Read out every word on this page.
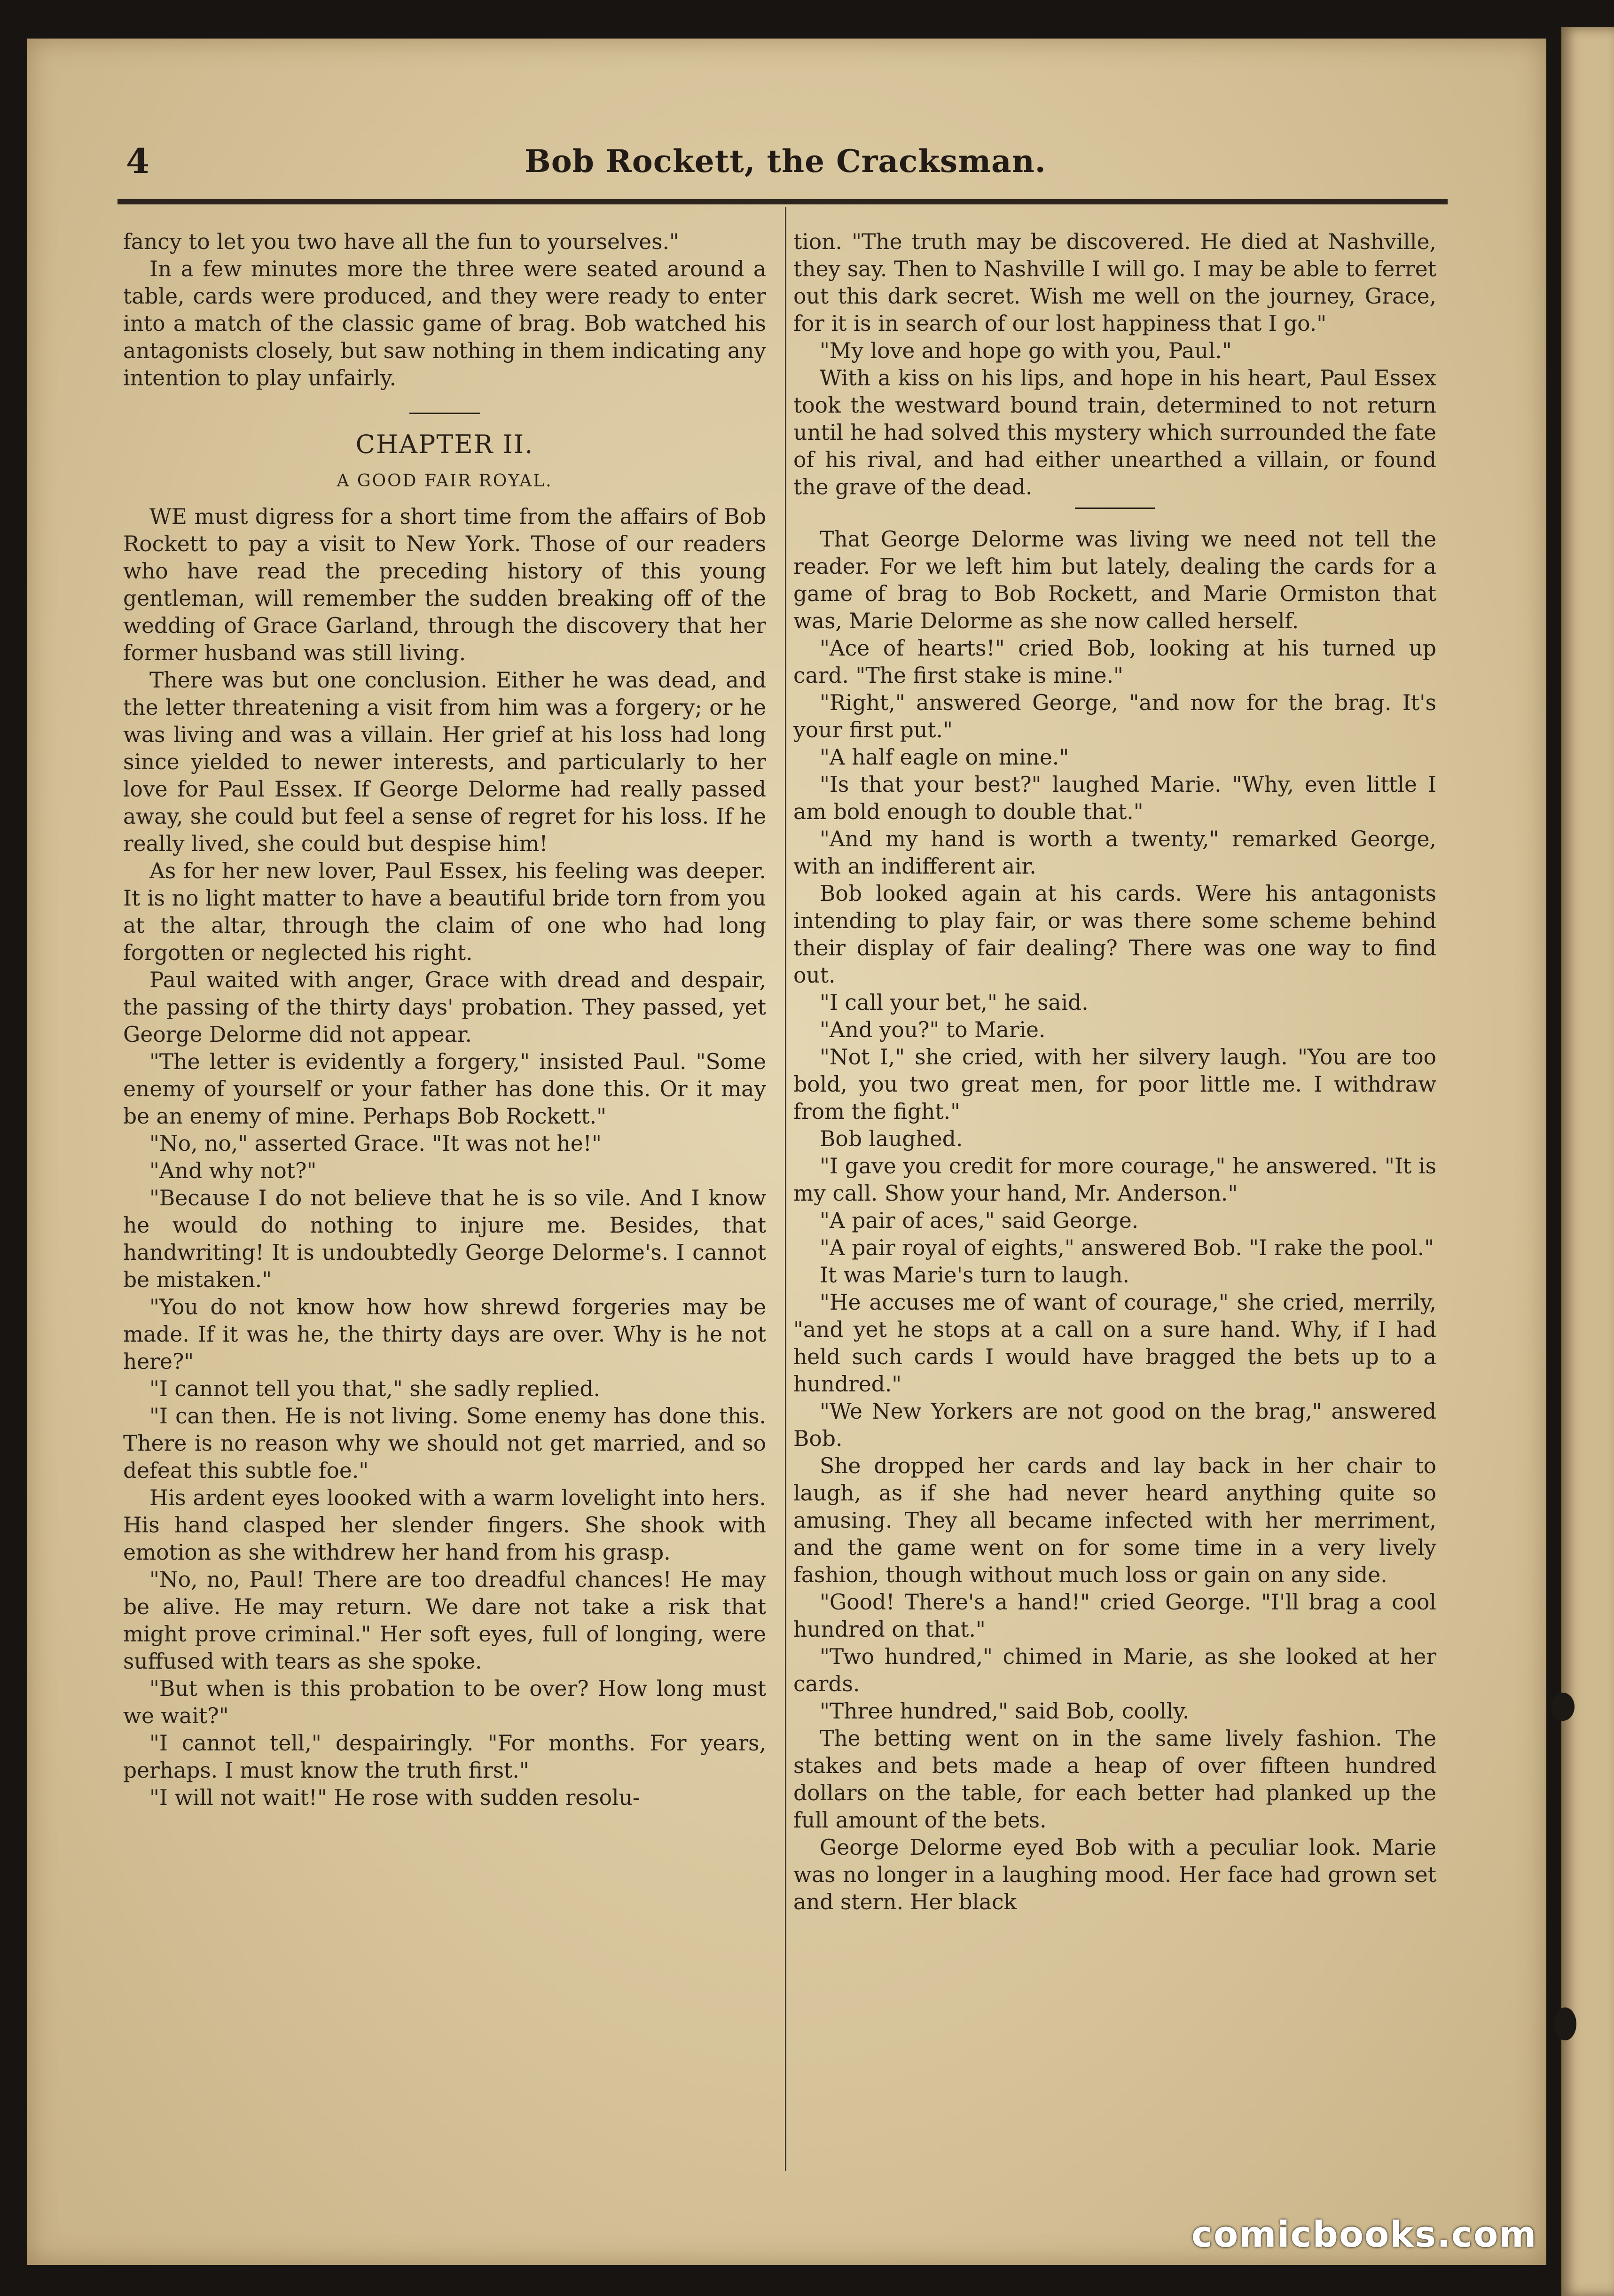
4	Bob Rockett, the Cracksman.

fancy to let you two have all the fun to yourselves."

In a few minutes more the three were seated around a table, cards were produced, and they were ready to enter into a match of the classic game of brag. Bob watched his antagonists closely, but saw nothing in them indicating any intention to play unfairly.

CHAPTER II.
A GOOD FAIR ROYAL.

WE must digress for a short time from the affairs of Bob Rockett to pay a visit to New York. Those of our readers who have read the preceding history of this young gentleman, will remember the sudden breaking off of the wedding of Grace Garland, through the discovery that her former husband was still living.

There was but one conclusion. Either he was dead, and the letter threatening a visit from him was a forgery; or he was living and was a villain. Her grief at his loss had long since yielded to newer interests, and particularly to her love for Paul Essex. If George Delorme had really passed away, she could but feel a sense of regret for his loss. If he really lived, she could but despise him!

As for her new lover, Paul Essex, his feeling was deeper. It is no light matter to have a beautiful bride torn from you at the altar, through the claim of one who had long forgotten or neglected his right.

Paul waited with anger, Grace with dread and despair, the passing of the thirty days' probation. They passed, yet George Delorme did not appear.

"The letter is evidently a forgery," insisted Paul. "Some enemy of yourself or your father has done this. Or it may be an enemy of mine. Perhaps Bob Rockett."

"No, no," asserted Grace. "It was not he!"

"And why not?"

"Because I do not believe that he is so vile. And I know he would do nothing to injure me. Besides, that handwriting! It is undoubtedly George Delorme's. I cannot be mistaken."

"You do not know how how shrewd forgeries may be made. If it was he, the thirty days are over. Why is he not here?"

"I cannot tell you that," she sadly replied.

"I can then. He is not living. Some enemy has done this. There is no reason why we should not get married, and so defeat this subtle foe."

His ardent eyes loooked with a warm lovelight into hers. His hand clasped her slender fingers. She shook with emotion as she withdrew her hand from his grasp.

"No, no, Paul! There are too dreadful chances! He may be alive. He may return. We dare not take a risk that might prove criminal." Her soft eyes, full of longing, were suffused with tears as she spoke.

"But when is this probation to be over? How long must we wait?"

"I cannot tell," despairingly. "For months. For years, perhaps. I must know the truth first."

"I will not wait!" He rose with sudden resolu-

tion. "The truth may be discovered. He died at Nashville, they say. Then to Nashville I will go. I may be able to ferret out this dark secret. Wish me well on the journey, Grace, for it is in search of our lost happiness that I go."

"My love and hope go with you, Paul."

With a kiss on his lips, and hope in his heart, Paul Essex took the westward bound train, determined to not return until he had solved this mystery which surrounded the fate of his rival, and had either unearthed a villain, or found the grave of the dead.

That George Delorme was living we need not tell the reader. For we left him but lately, dealing the cards for a game of brag to Bob Rockett, and Marie Ormiston that was, Marie Delorme as she now called herself.

"Ace of hearts!" cried Bob, looking at his turned up card. "The first stake is mine."

"Right," answered George, "and now for the brag. It's your first put."

"A half eagle on mine."

"Is that your best?" laughed Marie. "Why, even little I am bold enough to double that."

"And my hand is worth a twenty," remarked George, with an indifferent air.

Bob looked again at his cards. Were his antagonists intending to play fair, or was there some scheme behind their display of fair dealing? There was one way to find out.

"I call your bet," he said.

"And you?" to Marie.

"Not I," she cried, with her silvery laugh. "You are too bold, you two great men, for poor little me. I withdraw from the fight."

Bob laughed.

"I gave you credit for more courage," he answered. "It is my call. Show your hand, Mr. Anderson."

"A pair of aces," said George.

"A pair royal of eights," answered Bob. "I rake the pool."

It was Marie's turn to laugh.

"He accuses me of want of courage," she cried, merrily, "and yet he stops at a call on a sure hand. Why, if I had held such cards I would have bragged the bets up to a hundred."

"We New Yorkers are not good on the brag," answered Bob.

She dropped her cards and lay back in her chair to laugh, as if she had never heard anything quite so amusing. They all became infected with her merriment, and the game went on for some time in a very lively fashion, though without much loss or gain on any side.

"Good! There's a hand!" cried George. "I'll brag a cool hundred on that."

"Two hundred," chimed in Marie, as she looked at her cards.

"Three hundred," said Bob, coolly.

The betting went on in the same lively fashion. The stakes and bets made a heap of over fifteen hundred dollars on the table, for each better had planked up the full amount of the bets.

George Delorme eyed Bob with a peculiar look. Marie was no longer in a laughing mood. Her face had grown set and stern. Her black

comicbooks.com
